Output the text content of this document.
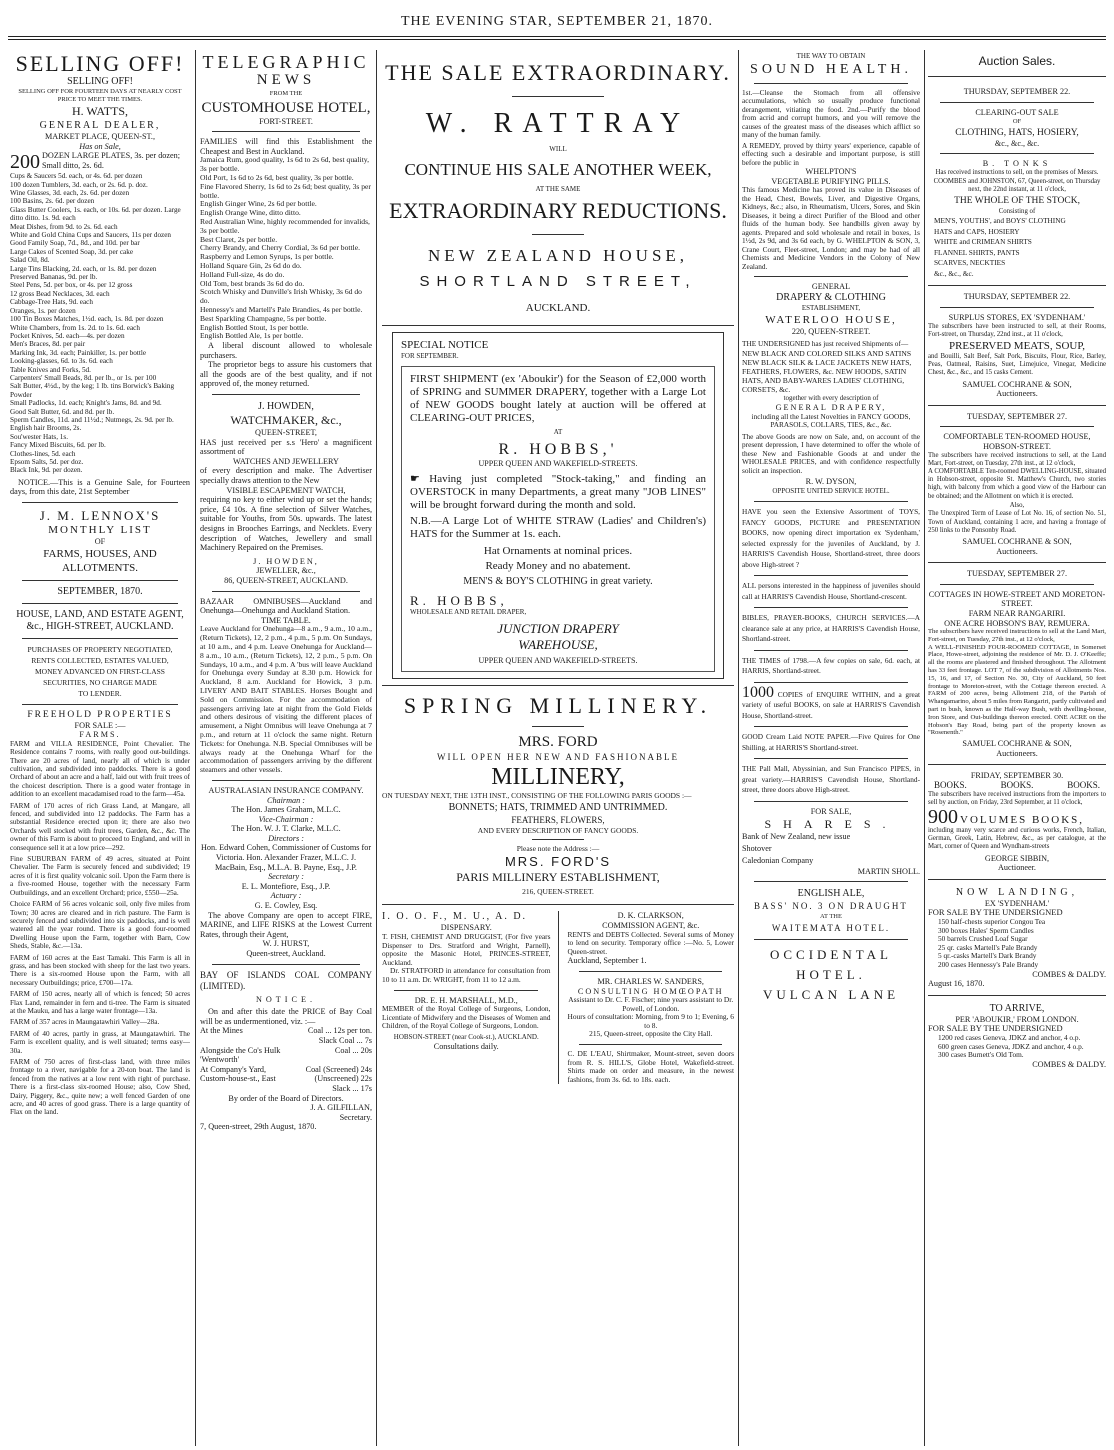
THE EVENING STAR, SEPTEMBER 21, 1870.
SELLING OFF!
SELLING OFF!
SELLING OFF FOR FOURTEEN DAYS AT NEARLY COST PRICE TO MEET THE TIMES.
H. WATTS,
GENERAL DEALER,
MARKET PLACE, QUEEN-ST.,
Has on Sale,
200 DOZEN LARGE PLATES, 3s. per dozen; Small ditto, 2s. 6d.

Cups & Saucers 5d. each, or 4s. 6d. per dozen

100 dozen Tumblers, 3d. each, or 2s. 6d. p. doz.

Wine Glasses, 3d. each, 2s. 6d. per dozen

100 Basins, 2s. 6d. per dozen

Glass Butter Coolers, 1s. each, or 10s. 6d. per dozen. Large ditto ditto. 1s. 9d. each

Meat Dishes, from 9d. to 2s. 6d. each

White and Gold China Cups and Saucers, 11s per dozen

Good Family Soap, 7d., 8d., and 10d. per bar

Large Cakes of Scented Soap, 3d. per cake

Salad Oil, 8d.

Large Tins Blacking, 2d. each, or 1s. 8d. per dozen

Preserved Bananas, 9d. per lb.

Steel Pens, 5d. per box, or 4s. per 12 gross

12 gross Bead Necklaces, 3d. each

Cabbage-Tree Hats, 9d. each

Oranges, 1s. per dozen

100 Tin Boxes Matches, 1½d. each, 1s. 8d. per dozen

White Chambers, from 1s. 2d. to 1s. 6d. each

Pocket Knives, 5d. each—4s. per dozen

Men's Braces, 8d. per pair

Marking Ink, 3d. each; Painkiller, 1s. per bottle

Looking-glasses, 6d. to 3s. 6d. each

Table Knives and Forks, 5d.

Carpenters' Small Beads, 8d. per lb., or 1s. per 100

Salt Butter, 4½d., by the keg; 1 lb. tins Borwick's Baking Powder

Small Padlocks, 1d. each; Knight's Jams, 8d. and 9d.

Good Salt Butter, 6d. and 8d. per lb.

Sperm Candles, 11d. and 11½d.; Nutmegs, 2s. 9d. per lb.

English hair Brooms, 2s.

Sou'wester Hats, 1s.

Fancy Mixed Biscuits, 6d. per lb.

Clothes-lines, 5d. each

Epsom Salts, 5d. per doz.

Black Ink, 9d. per dozen.

NOTICE.—This is a Genuine Sale, for Fourteen days, from this date, 21st September

J. M. LENNOX'S
MONTHLY LIST
OF
FARMS, HOUSES, AND ALLOTMENTS.
SEPTEMBER, 1870.
HOUSE, LAND, AND ESTATE AGENT, &c., HIGH-STREET, AUCKLAND.

PURCHASES OF PROPERTY NEGOTIATED,

RENTS COLLECTED, ESTATES VALUED,

MONEY ADVANCED ON FIRST-CLASS

SECURITIES, NO CHARGE MADE

TO LENDER.

FREEHOLD PROPERTIES
FOR SALE :—
FARMS.

FARM and VILLA RESIDENCE, Point Chevalier. The Residence contains 7 rooms, with really good out-buildings. There are 20 acres of land, nearly all of which is under cultivation, and subdivided into paddocks. There is a good Orchard of about an acre and a half, laid out with fruit trees of the choicest description. There is a good water frontage in addition to an excellent macadamised road to the farm—45a.

FARM of 170 acres of rich Grass Land, at Mangare, all fenced, and subdivided into 12 paddocks. The Farm has a substantial Residence erected upon it; there are also two Orchards well stocked with fruit trees, Garden, &c., &c. The owner of this Farm is about to proceed to England, and will in consequence sell it at a low price—292.

Fine SUBURBAN FARM of 49 acres, situated at Point Chevalier. The Farm is securely fenced and subdivided; 19 acres of it is first quality volcanic soil. Upon the Farm there is a five-roomed House, together with the necessary Farm Outbuildings, and an excellent Orchard; price, £550—25a.

Choice FARM of 56 acres volcanic soil, only five miles from Town; 30 acres are cleared and in rich pasture. The Farm is securely fenced and subdivided into six paddocks, and is well watered all the year round. There is a good four-roomed Dwelling House upon the Farm, together with Barn, Cow Sheds, Stable, &c.—13a.

FARM of 160 acres at the East Tamaki. This Farm is all in grass, and has been stocked with sheep for the last two years. There is a six-roomed House upon the Farm, with all necessary Outbuildings; price, £700—17a.

FARM of 150 acres, nearly all of which is fenced; 50 acres Flax Land, remainder in fern and ti-tree. The Farm is situated at the Mauku, and has a large water frontage—13a.

FARM of 357 acres in Maungatawhiri Valley—28a.

FARM of 40 acres, partly in grass, at Maungatawhiri. The Farm is excellent quality, and is well situated; terms easy—30a.

FARM of 750 acres of first-class land, with three miles frontage to a river, navigable for a 20-ton boat. The land is fenced from the natives at a low rent with right of purchase. There is a first-class six-roomed House; also, Cow Shed, Dairy, Piggery, &c., quite new; a well fenced Garden of one acre, and 40 acres of good grass. There is a large quantity of Flax on the land.

TELEGRAPHIC
NEWS
FROM THE
CUSTOMHOUSE HOTEL,
FORT-STREET.

FAMILIES will find this Establishment the Cheapest and Best in Auckland.

Jamaica Rum, good quality, 1s 6d to 2s 6d, best quality, 3s per bottle.

Old Port, 1s 6d to 2s 6d, best quality, 3s per bottle.

Fine Flavored Sherry, 1s 6d to 2s 6d; best quality, 3s per bottle.

English Ginger Wine, 2s 6d per bottle.

English Orange Wine, ditto ditto.

Red Australian Wine, highly recommended for invalids, 3s per bottle.

Best Claret, 2s per bottle.

Cherry Brandy, and Cherry Cordial, 3s 6d per bottle.

Raspberry and Lemon Syrups, 1s per bottle.

Holland Square Gin, 2s 6d do do.

Holland Full-size, 4s do do.

Old Tom, best brands 3s 6d do do.

Scotch Whisky and Dunville's Irish Whisky, 3s 6d do do.

Hennessy's and Martell's Pale Brandies, 4s per bottle.

Best Sparkling Champagne, 5s per bottle.

English Bottled Stout, 1s per bottle.

English Bottled Ale, 1s per bottle.

A liberal discount allowed to wholesale purchasers.

The proprietor begs to assure his customers that all the goods are of the best quality, and if not approved of, the money returned.

J. HOWDEN,
WATCHMAKER, &c.,
QUEEN-STREET,

HAS just received per s.s 'Hero' a magnificent assortment of

WATCHES AND JEWELLERY

of every description and make. The Advertiser specially draws attention to the New

VISIBLE ESCAPEMENT WATCH,

requiring no key to either wind up or set the hands; price, £4 10s. A fine selection of Silver Watches, suitable for Youths, from 50s. upwards. The latest designs in Brooches Earrings, and Necklets. Every description of Watches, Jewellery and small Machinery Repaired on the Premises.

J. HOWDEN,
JEWELLER, &c.,
86, QUEEN-STREET, AUCKLAND.

BAZAAR OMNIBUSES—Auckland and Onehunga—Onehunga and Auckland Station.

TIME TABLE.

Leave Auckland for Onehunga—8 a.m., 9 a.m., 10 a.m., (Return Tickets), 12, 2 p.m., 4 p.m., 5 p.m. On Sundays, at 10 a.m., and 4 p.m. Leave Onehunga for Auckland—8 a.m., 10 a.m., (Return Tickets), 12, 2 p.m., 5 p.m. On Sundays, 10 a.m., and 4 p.m. A 'bus will leave Auckland for Onehunga every Sunday at 8.30 p.m. Howick for Auckland, 8 a.m. Auckland for Howick, 3 p.m. LIVERY AND BAIT STABLES. Horses Bought and Sold on Commission. For the accommodation of passengers arriving late at night from the Gold Fields and others desirous of visiting the different places of amusement, a Night Omnibus will leave Onehunga at 7 p.m., and return at 11 o'clock the same night. Return Tickets: for Onehunga. N.B. Special Omnibuses will be always ready at the Onehunga Wharf for the accommodation of passengers arriving by the different steamers and other vessels.

AUSTRALASIAN INSURANCE COMPANY.

Chairman :

The Hon. James Graham, M.L.C.

Vice-Chairman :

The Hon. W. J. T. Clarke, M.L.C.

Directors :

Hon. Edward Cohen, Commissioner of Customs for Victoria. Hon. Alexander Frazer, M.L.C. J. MacBain, Esq., M.L.A. B. Payne, Esq., J.P.

Secretary :

E. L. Montefiore, Esq., J.P.

Actuary :

G. E. Cowley, Esq.

The above Company are open to accept FIRE, MARINE, and LIFE RISKS at the Lowest Current Rates, through their Agent,

W. J. HURST,

Queen-street, Auckland.

BAY OF ISLANDS COAL COMPANY (LIMITED).

NOTICE.

On and after this date the PRICE of Bay Coal will be as undermentioned, viz. :—

At the Mines	Coal ... 12s per ton.
Slack Coal ... 7s
Alongside the Co's Hulk 'Wentworth'
Coal ... 20s
At Company's Yard, Custom-house-st., East
Coal (Screened) 24s
(Unscreened) 22s
Slack ... 17s

By order of the Board of Directors.

J. A. GILFILLAN,

Secretary.

7, Queen-street, 29th August, 1870.

THE SALE EXTRAORDINARY.
W. RATTRAY
WILL
CONTINUE HIS SALE ANOTHER WEEK,
AT THE SAME
EXTRAORDINARY REDUCTIONS.
NEW ZEALAND HOUSE,
SHORTLAND STREET,
AUCKLAND.
SPECIAL NOTICE
FOR SEPTEMBER.

FIRST SHIPMENT (ex 'Aboukir') for the Season of £2,000 worth of SPRING and SUMMER DRAPERY, together with a Large Lot of NEW GOODS bought lately at auction will be offered at CLEARING-OUT PRICES,

AT

R. HOBBS,'

UPPER QUEEN AND WAKEFIELD-STREETS.

☛ Having just completed "Stock-taking," and finding an OVERSTOCK in many Departments, a great many "JOB LINES" will be brought forward during the month and sold.

N.B.—A Large Lot of WHITE STRAW (Ladies' and Children's) HATS for the Summer at 1s. each.

Hat Ornaments at nominal prices.

Ready Money and no abatement.

MEN'S & BOY'S CLOTHING in great variety.

R. HOBBS,

WHOLESALE AND RETAIL DRAPER,

JUNCTION DRAPERY WAREHOUSE,

UPPER QUEEN AND WAKEFIELD-STREETS.

SPRING MILLINERY.
MRS. FORD
WILL OPEN HER NEW AND FASHIONABLE
MILLINERY,

ON TUESDAY NEXT, THE 13TH INST., CONSISTING OF THE FOLLOWING PARIS GOODS :—

BONNETS; HATS, TRIMMED AND UNTRIMMED.

FEATHERS, FLOWERS,

AND EVERY DESCRIPTION OF FANCY GOODS.

Please note the Address :—

MRS. FORD'S

PARIS MILLINERY ESTABLISHMENT,

216, QUEEN-STREET.

I. O. O. F., M. U., A. D.

DISPENSARY.

T. FISH, CHEMIST AND DRUGGIST, (For five years Dispenser to Drs. Stratford and Wright, Parnell), opposite the Masonic Hotel, PRINCES-STREET, Auckland.

Dr. STRATFORD in attendance for consultation from 10 to 11 a.m. Dr. WRIGHT, from 11 to 12 a.m.

DR. E. H. MARSHALL, M.D.,

MEMBER of the Royal College of Surgeons, London, Licentiate of Midwifery and the Diseases of Women and Children, of the Royal College of Surgeons, London.

HOBSON-STREET (near Cook-st.), AUCKLAND.

Consultations daily.

D. K. CLARKSON,

COMMISSION AGENT, &c.

RENTS and DEBTS Collected. Several sums of Money to lend on security. Temporary office :—No. 5, Lower Queen-street.

Auckland, September 1.

MR. CHARLES W. SANDERS,

CONSULTING HOMŒOPATH

Assistant to Dr. C. F. Fischer; nine years assistant to Dr. Powell, of London.

Hours of consultation: Morning, from 9 to 1; Evening, 6 to 8.

215, Queen-street, opposite the City Hall.

C. DE L'EAU, Shirtmaker, Mount-street, seven doors from R. S. HILL'S, Globe Hotel, Wakefield-street. Shirts made on order and measure, in the newest fashions, from 3s. 6d. to 18s. each.

THE WAY TO OBTAIN
SOUND HEALTH.

1st.—Cleanse the Stomach from all offensive accumulations, which so usually produce functional derangement, vitiating the food. 2nd.—Purify the blood from acrid and corrupt humors, and you will remove the causes of the greatest mass of the diseases which afflict so many of the human family.

A REMEDY, proved by thirty years' experience, capable of effecting such a desirable and important purpose, is still before the public in

WHELPTON'S

VEGETABLE PURIFYING PILLS.

This famous Medicine has proved its value in Diseases of the Head, Chest, Bowels, Liver, and Digestive Organs, Kidneys, &c.; also, in Rheumatism, Ulcers, Sores, and Skin Diseases, it being a direct Purifier of the Blood and other fluids of the human body. See handbills given away by agents. Prepared and sold wholesale and retail in boxes, 1s 1½d, 2s 9d, and 3s 6d each, by G. WHELPTON & SON, 3, Crane Court, Fleet-street, London; and may be had of all Chemists and Medicine Vendors in the Colony of New Zealand.

GENERAL
DRAPERY & CLOTHING
ESTABLISHMENT,
WATERLOO HOUSE,
220, QUEEN-STREET.

THE UNDERSIGNED has just received Shipments of—

NEW BLACK AND COLORED SILKS AND SATINS NEW BLACK SILK & LACE JACKETS NEW HATS, FEATHERS, FLOWERS, &c. NEW HOODS, SATIN HATS, AND BABY-WARES LADIES' CLOTHING, CORSETS, &c.

together with every description of

GENERAL DRAPERY,

including all the Latest Novelties in FANCY GOODS, PARASOLS, COLLARS, TIES, &c., &c.

The above Goods are now on Sale, and, on account of the present depression, I have determined to offer the whole of these New and Fashionable Goods at and under the WHOLESALE PRICES, and with confidence respectfully solicit an inspection.

R. W. DYSON,

OPPOSITE UNITED SERVICE HOTEL.

HAVE you seen the Extensive Assortment of TOYS, FANCY GOODS, PICTURE and PRESENTATION BOOKS, now opening direct importation ex 'Sydenham,' selected expressly for the juveniles of Auckland, by J. HARRIS'S Cavendish House, Shortland-street, three doors above High-street ?

ALL persons interested in the happiness of juveniles should call at HARRIS'S Cavendish House, Shortland-crescent.

BIBLES, PRAYER-BOOKS, CHURCH SERVICES.—A clearance sale at any price, at HARRIS'S Cavendish House, Shortland-street.

THE TIMES of 1798.—A few copies on sale, 6d. each, at HARRIS, Shortland-street.

1000 COPIES of ENQUIRE WITHIN, and a great variety of useful BOOKS, on sale at HARRIS'S Cavendish House, Shortland-street.

GOOD Cream Laid NOTE PAPER.—Five Quires for One Shilling, at HARRIS'S Shortland-street.

THE Pall Mall, Abyssinian, and Sun Francisco PIPES, in great variety.—HARRIS'S Cavendish House, Shortland-street, three doors above High-street.

FOR SALE,

SHARES.

Bank of New Zealand, new issue

Shotover

Caledonian Company

MARTIN SHOLL.

ENGLISH ALE,

BASS' NO. 3 ON DRAUGHT

AT THE

WAITEMATA HOTEL.

OCCIDENTAL

HOTEL.

VULCAN LANE

Auction Sales.

THURSDAY, SEPTEMBER 22.

CLEARING-OUT SALE

OF

CLOTHING, HATS, HOSIERY,

&c., &c., &c.

B. TONKS

Has received instructions to sell, on the premises of Messrs. COOMBES and JOHNSTON, 67, Queen-street, on Thursday next, the 22nd instant, at 11 o'clock,

THE WHOLE OF THE STOCK,

Consisting of

MEN'S, YOUTHS', and BOYS' CLOTHING

HATS and CAPS, HOSIERY

WHITE and CRIMEAN SHIRTS

FLANNEL SHIRTS, PANTS

SCARVES, NECKTIES

&c., &c., &c.

THURSDAY, SEPTEMBER 22.

SURPLUS STORES, EX 'SYDENHAM.'

The subscribers have been instructed to sell, at their Rooms, Fort-street, on Thursday, 22nd inst., at 11 o'clock,

PRESERVED MEATS, SOUP,

and Bouilli, Salt Beef, Salt Pork, Biscuits, Flour, Rice, Barley, Peas, Oatmeal, Raisins, Suet, Limejuice, Vinegar, Medicine Chest, &c., &c., and 15 casks Cement.

SAMUEL COCHRANE & SON,

Auctioneers.

TUESDAY, SEPTEMBER 27.

COMFORTABLE TEN-ROOMED HOUSE, HOBSON-STREET.

The subscribers have received instructions to sell, at the Land Mart, Fort-street, on Tuesday, 27th inst., at 12 o'clock,

A COMFORTABLE Ten-roomed DWELLING-HOUSE, situated in Hobson-street, opposite St. Matthew's Church, two stories high, with balcony from which a good view of the Harbour can be obtained; and the Allotment on which it is erected.

Also,

The Unexpired Term of Lease of Lot No. 16, of section No. 51, Town of Auckland, containing 1 acre, and having a frontage of 250 links to the Ponsonby Road.

SAMUEL COCHRANE & SON,

Auctioneers.

TUESDAY, SEPTEMBER 27.

COTTAGES IN HOWE-STREET AND MORETON-STREET.

FARM NEAR RANGARIRI.

ONE ACRE HOBSON'S BAY, REMUERA.

The subscribers have received instructions to sell at the Land Mart, Fort-street, on Tuesday, 27th inst., at 12 o'clock,

A WELL-FINISHED FOUR-ROOMED COTTAGE, in Somerset Place, Howe-street, adjoining the residence of Mr. D. J. O'Keeffe; all the rooms are plastered and finished throughout. The Allotment has 33 feet frontage. LOT 7, of the subdivision of Allotments Nos. 15, 16, and 17, of Section No. 30, City of Auckland, 50 feet frontage to Moreton-street, with the Cottage thereon erected. A FARM of 200 acres, being Allotment 218, of the Parish of Whangamarino, about 5 miles from Rangariri, partly cultivated and part in bush, known as the Half-way Bush, with dwelling-house, Iron Store, and Out-buildings thereon erected. ONE ACRE on the Hobson's Bay Road, being part of the property known as "Rosenenth."

SAMUEL COCHRANE & SON,

Auctioneers.

FRIDAY, SEPTEMBER 30.

BOOKS.	BOOKS.	BOOKS.

The subscribers have received instructions from the importers to sell by auction, on Friday, 23rd September, at 11 o'clock,

900 VOLUMES BOOKS,

including many very scarce and curious works, French, Italian, German, Greek, Latin, Hebrew, &c., as per catalogue, at the Mart, corner of Queen and Wyndham-streets

GEORGE SIBBIN,

Auctioneer.

NOW LANDING,

EX 'SYDENHAM.'

FOR SALE BY THE UNDERSIGNED

150 half-chests superior Congou Tea

300 boxes Hales' Sperm Candles

50 barrels Crushed Loaf Sugar

25 qr. casks Martell's Pale Brandy

5 qr.-casks Martell's Dark Brandy

200 cases Hennessy's Pale Brandy

COMBES & DALDY.

August 16, 1870.

TO ARRIVE,

PER 'ABOUKIR,' FROM LONDON.

FOR SALE BY THE UNDERSIGNED

1200 red cases Geneva, JDKZ and anchor, 4 o.p.

600 green cases Geneva, JDKZ and anchor, 4 o.p.

300 cases Burnett's Old Tom.

COMBES & DALDY.
